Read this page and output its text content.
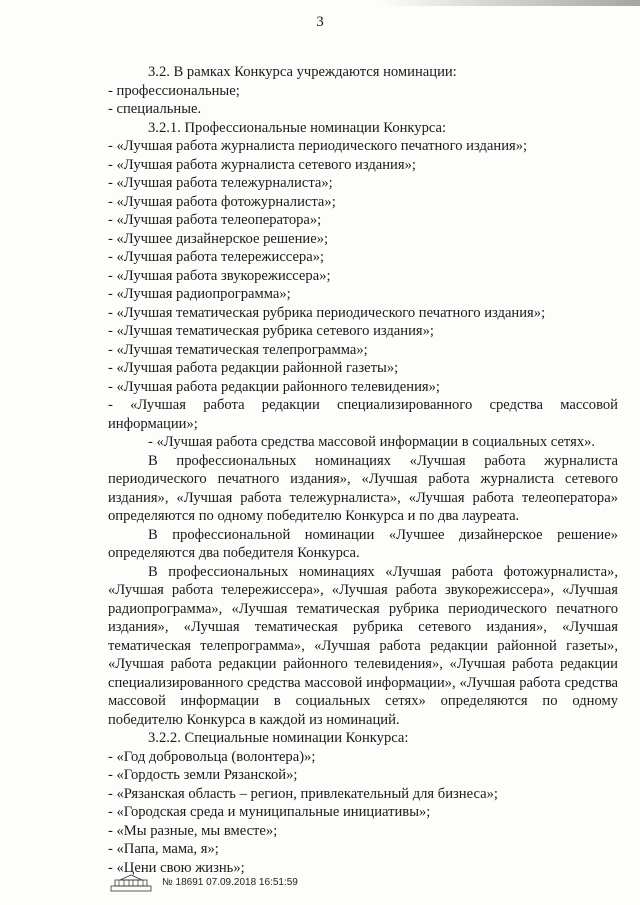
3
3.2. В рамках Конкурса учреждаются номинации:
- профессиональные;
- специальные.
3.2.1. Профессиональные номинации Конкурса:
- «Лучшая работа журналиста периодического печатного издания»;
- «Лучшая работа журналиста сетевого издания»;
- «Лучшая работа тележурналиста»;
- «Лучшая работа фотожурналиста»;
- «Лучшая работа телеоператора»;
- «Лучшее дизайнерское решение»;
- «Лучшая работа телережиссера»;
- «Лучшая работа звукорежиссера»;
- «Лучшая радиопрограмма»;
- «Лучшая тематическая рубрика периодического печатного издания»;
- «Лучшая тематическая рубрика сетевого издания»;
- «Лучшая тематическая телепрограмма»;
- «Лучшая работа редакции районной газеты»;
- «Лучшая работа редакции районного телевидения»;
- «Лучшая работа редакции специализированного средства массовой информации»;
- «Лучшая работа средства массовой информации в социальных сетях».
В профессиональных номинациях «Лучшая работа журналиста периодического печатного издания», «Лучшая работа журналиста сетевого издания», «Лучшая работа тележурналиста», «Лучшая работа телеоператора» определяются по одному победителю Конкурса и по два лауреата.
В профессиональной номинации «Лучшее дизайнерское решение» определяются два победителя Конкурса.
В профессиональных номинациях «Лучшая работа фотожурналиста», «Лучшая работа телережиссера», «Лучшая работа звукорежиссера», «Лучшая радиопрограмма», «Лучшая тематическая рубрика периодического печатного издания», «Лучшая тематическая рубрика сетевого издания», «Лучшая тематическая телепрограмма», «Лучшая работа редакции районной газеты», «Лучшая работа редакции районного телевидения», «Лучшая работа редакции специализированного средства массовой информации», «Лучшая работа средства массовой информации в социальных сетях» определяются по одному победителю Конкурса в каждой из номинаций.
3.2.2. Специальные номинации Конкурса:
- «Год добровольца (волонтера)»;
- «Гордость земли Рязанской»;
- «Рязанская область – регион, привлекательный для бизнеса»;
- «Городская среда и муниципальные инициативы»;
- «Мы разные, мы вместе»;
- «Папа, мама, я»;
- «Цени свою жизнь»;
№ 18691 07.09.2018 16:51:59
